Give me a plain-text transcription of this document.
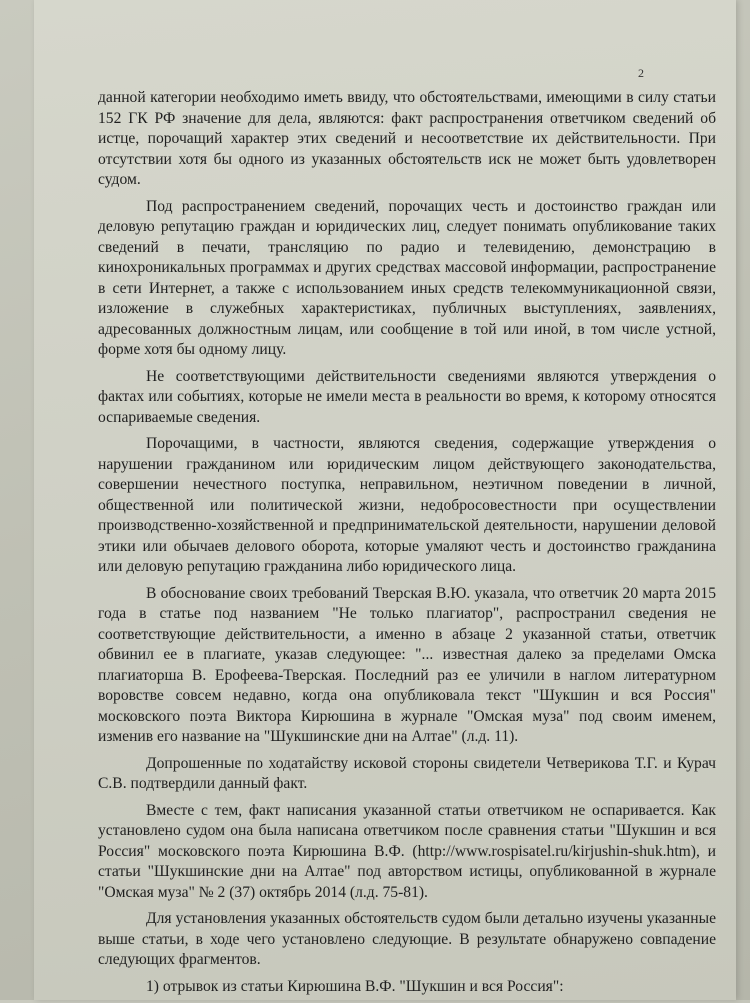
2

данной категории необходимо иметь ввиду, что обстоятельствами, имеющими в силу статьи 152 ГК РФ значение для дела, являются: факт распространения ответчиком сведений об истце, порочащий характер этих сведений и несоответствие их действительности. При отсутствии хотя бы одного из указанных обстоятельств иск не может быть удовлетворен судом.

Под распространением сведений, порочащих честь и достоинство граждан или деловую репутацию граждан и юридических лиц, следует понимать опубликование таких сведений в печати, трансляцию по радио и телевидению, демонстрацию в кинохроникальных программах и других средствах массовой информации, распространение в сети Интернет, а также с использованием иных средств телекоммуникационной связи, изложение в служебных характеристиках, публичных выступлениях, заявлениях, адресованных должностным лицам, или сообщение в той или иной, в том числе устной, форме хотя бы одному лицу.

Не соответствующими действительности сведениями являются утверждения о фактах или событиях, которые не имели места в реальности во время, к которому относятся оспариваемые сведения.

Порочащими, в частности, являются сведения, содержащие утверждения о нарушении гражданином или юридическим лицом действующего законодательства, совершении нечестного поступка, неправильном, неэтичном поведении в личной, общественной или политической жизни, недобросовестности при осуществлении производственно-хозяйственной и предпринимательской деятельности, нарушении деловой этики или обычаев делового оборота, которые умаляют честь и достоинство гражданина или деловую репутацию гражданина либо юридического лица.

В обоснование своих требований Тверская В.Ю. указала, что ответчик 20 марта 2015 года в статье под названием "Не только плагиатор", распространил сведения не соответствующие действительности, а именно в абзаце 2 указанной статьи, ответчик обвинил ее в плагиате, указав следующее: "... известная далеко за пределами Омска плагиаторша В. Ерофеева-Тверская. Последний раз ее уличили в наглом литературном воровстве совсем недавно, когда она опубликовала текст "Шукшин и вся Россия" московского поэта Виктора Кирюшина в журнале "Омская муза" под своим именем, изменив его название на "Шукшинские дни на Алтае" (л.д. 11).

Допрошенные по ходатайству исковой стороны свидетели Четверикова Т.Г. и Курач С.В. подтвердили данный факт.

Вместе с тем, факт написания указанной статьи ответчиком не оспаривается. Как установлено судом она была написана ответчиком после сравнения статьи "Шукшин и вся Россия" московского поэта Кирюшина В.Ф. (http://www.rospisatel.ru/kirjushin-shuk.htm), и статьи "Шукшинские дни на Алтае" под авторством истицы, опубликованной в журнале "Омская муза" № 2 (37) октябрь 2014 (л.д. 75-81).

Для установления указанных обстоятельств судом были детально изучены указанные выше статьи, в ходе чего установлено следующие. В результате обнаружено совпадение следующих фрагментов.

1) отрывок из статьи Кирюшина В.Ф. "Шукшин и вся Россия":
